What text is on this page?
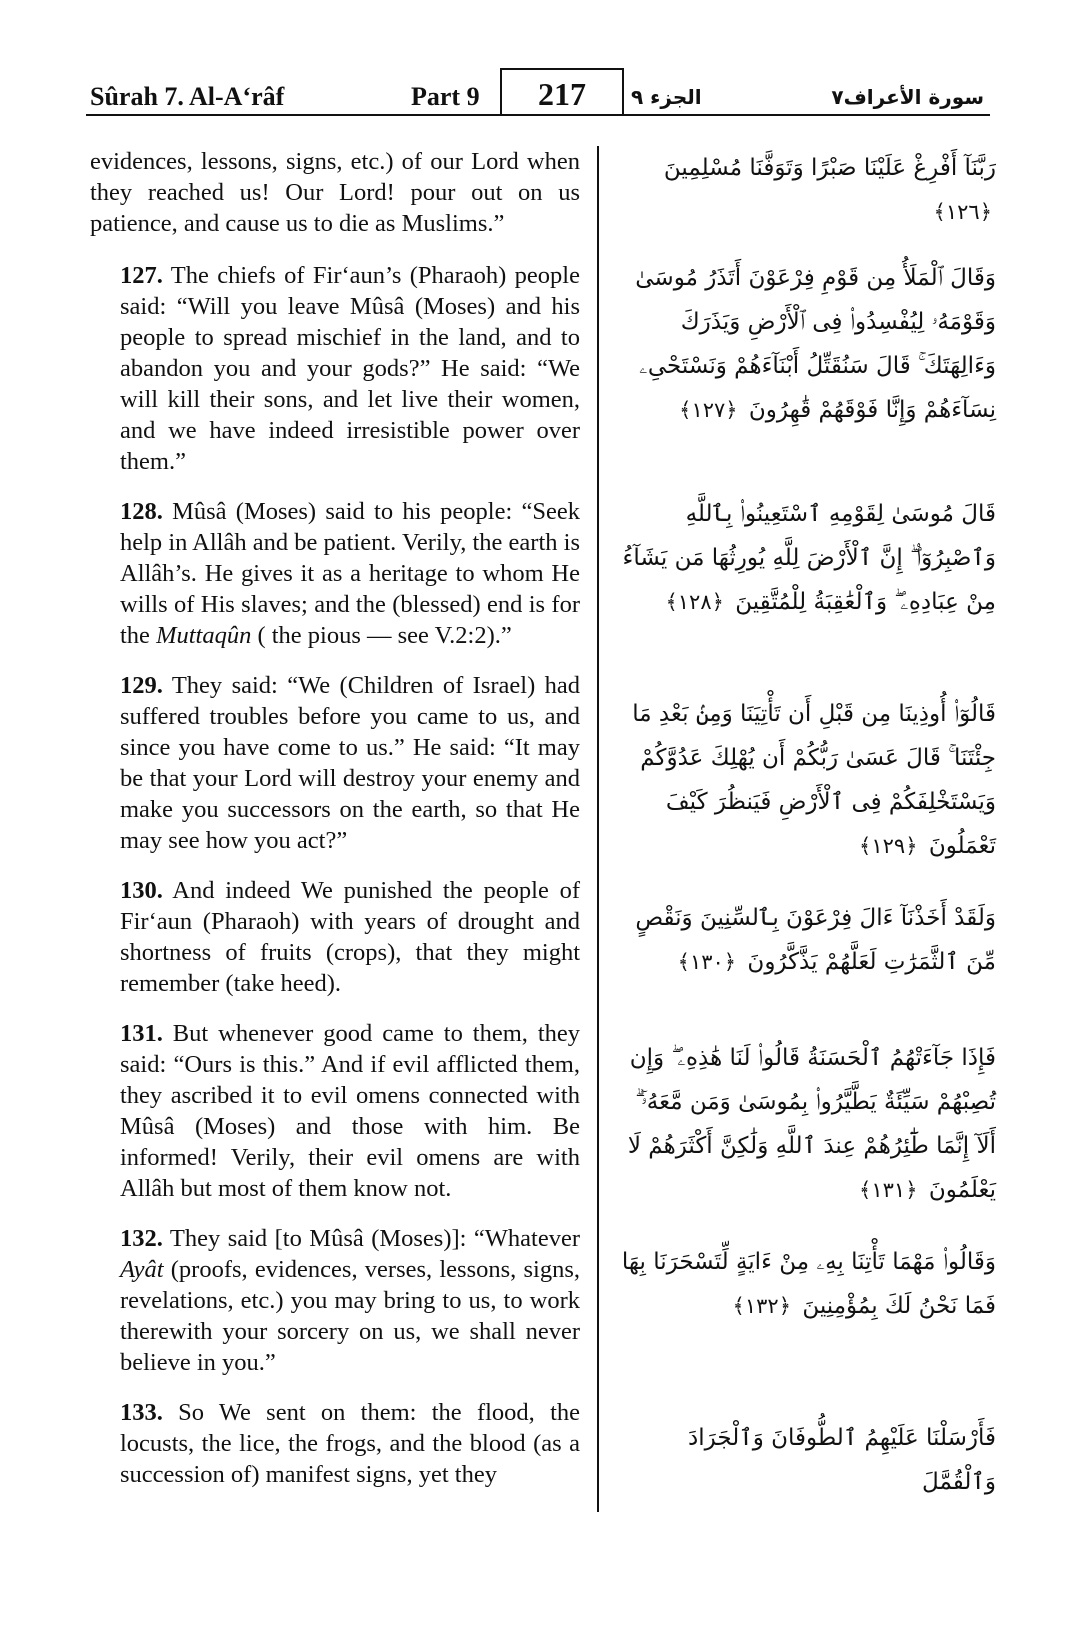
Sûrah 7. Al-A‘râf	Part 9	217	الجزء ٩	سورة الأعراف٧

evidences, lessons, signs, etc.) of our Lord when they reached us! Our Lord! pour out on us patience, and cause us to die as Muslims.”

127. The chiefs of Fir‘aun’s (Pharaoh) people said: “Will you leave Mûsâ (Moses) and his people to spread mischief in the land, and to abandon you and your gods?” He said: “We will kill their sons, and let live their women, and we have indeed irresistible power over them.”

128. Mûsâ (Moses) said to his people: “Seek help in Allâh and be patient. Verily, the earth is Allâh’s. He gives it as a heritage to whom He wills of His slaves; and the (blessed) end is for the Muttaqûn ( the pious — see V.2:2).”

129. They said: “We (Children of Israel) had suffered troubles before you came to us, and since you have come to us.” He said: “It may be that your Lord will destroy your enemy and make you successors on the earth, so that He may see how you act?”

130. And indeed We punished the people of Fir‘aun (Pharaoh) with years of drought and shortness of fruits (crops), that they might remember (take heed).

131. But whenever good came to them, they said: “Ours is this.” And if evil afflicted them, they ascribed it to evil omens connected with Mûsâ (Moses) and those with him. Be informed! Verily, their evil omens are with Allâh but most of them know not.

132. They said [to Mûsâ (Moses)]: “Whatever Ayât (proofs, evidences, verses, lessons, signs, revelations, etc.) you may bring to us, to work therewith your sorcery on us, we shall never believe in you.”

133. So We sent on them: the flood, the locusts, the lice, the frogs, and the blood (as a succession of) manifest signs, yet they

رَبَّنَآ أَفْرِغْ عَلَيْنَا صَبْرًا وَتَوَفَّنَا مُسْلِمِينَ ﴿١٢٦﴾
وَقَالَ ٱلْمَلَأُ مِن قَوْمِ فِرْعَوْنَ أَتَذَرُ مُوسَىٰ وَقَوْمَهُۥ لِيُفْسِدُوا۟ فِى ٱلْأَرْضِ وَيَذَرَكَ وَءَالِهَتَكَ ۚ قَالَ سَنُقَتِّلُ أَبْنَآءَهُمْ وَنَسْتَحْىِۦ نِسَآءَهُمْ وَإِنَّا فَوْقَهُمْ قَٰهِرُونَ ﴿١٢٧﴾
قَالَ مُوسَىٰ لِقَوْمِهِ ٱسْتَعِينُوا۟ بِٱللَّهِ وَٱصْبِرُوٓا۟ ۖ إِنَّ ٱلْأَرْضَ لِلَّهِ يُورِثُهَا مَن يَشَآءُ مِنْ عِبَادِهِۦ ۖ وَٱلْعَٰقِبَةُ لِلْمُتَّقِينَ ﴿١٢٨﴾
قَالُوٓا۟ أُوذِينَا مِن قَبْلِ أَن تَأْتِيَنَا وَمِنۢ بَعْدِ مَا جِئْتَنَا ۚ قَالَ عَسَىٰ رَبُّكُمْ أَن يُهْلِكَ عَدُوَّكُمْ وَيَسْتَخْلِفَكُمْ فِى ٱلْأَرْضِ فَيَنظُرَ كَيْفَ تَعْمَلُونَ ﴿١٢٩﴾
وَلَقَدْ أَخَذْنَآ ءَالَ فِرْعَوْنَ بِٱلسِّنِينَ وَنَقْصٍ مِّنَ ٱلثَّمَرَٰتِ لَعَلَّهُمْ يَذَّكَّرُونَ ﴿١٣٠﴾
فَإِذَا جَآءَتْهُمُ ٱلْحَسَنَةُ قَالُوا۟ لَنَا هَٰذِهِۦ ۖ وَإِن تُصِبْهُمْ سَيِّئَةٌ يَطَّيَّرُوا۟ بِمُوسَىٰ وَمَن مَّعَهُۥٓ ۗ أَلَآ إِنَّمَا طَٰٓئِرُهُمْ عِندَ ٱللَّهِ وَلَٰكِنَّ أَكْثَرَهُمْ لَا يَعْلَمُونَ ﴿١٣١﴾
وَقَالُوا۟ مَهْمَا تَأْتِنَا بِهِۦ مِنْ ءَايَةٍ لِّتَسْحَرَنَا بِهَا فَمَا نَحْنُ لَكَ بِمُؤْمِنِينَ ﴿١٣٢﴾
فَأَرْسَلْنَا عَلَيْهِمُ ٱلطُّوفَانَ وَٱلْجَرَادَ وَٱلْقُمَّلَ
